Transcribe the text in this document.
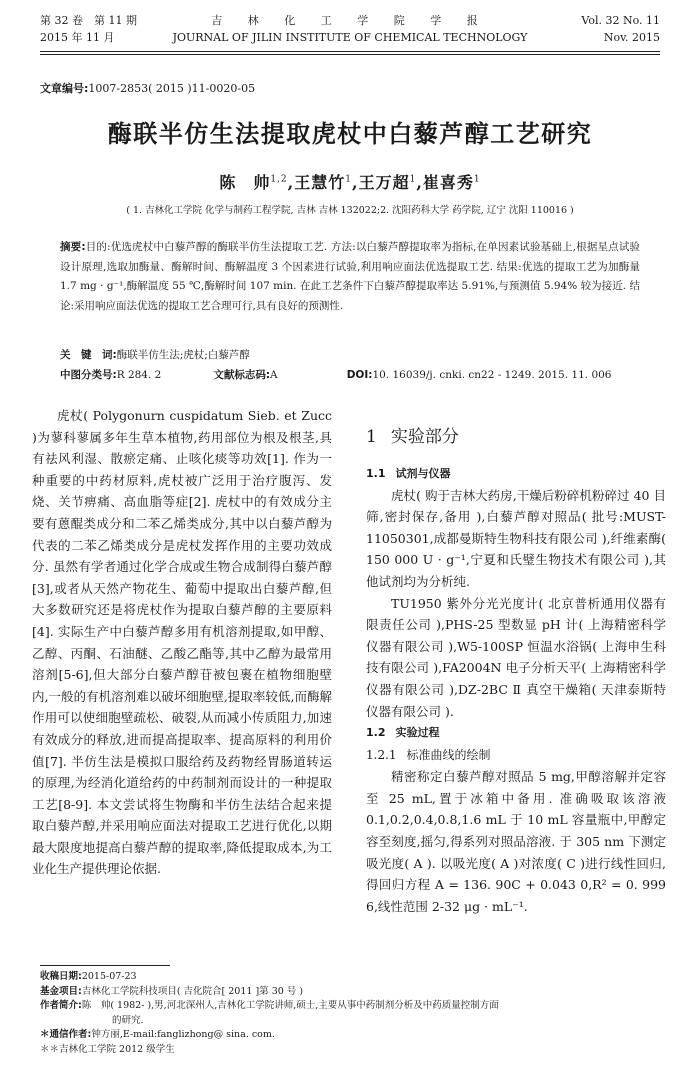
第 32 卷　第 11 期
2015 年 11 月
吉 林 化 工 学 院 学 报
JOURNAL OF JILIN INSTITUTE OF CHEMICAL TECHNOLOGY
Vol. 32 No. 11
Nov. 2015
文章编号:1007-2853( 2015 )11-0020-05
酶联半仿生法提取虎杖中白藜芦醇工艺研究
陈　帅$^{1,2}$,王慧竹$^1$,王万超$^1$,崔喜秀$^1$
( 1. 吉林化工学院 化学与制药工程学院, 吉林 吉林 132022;2. 沈阳药科大学 药学院, 辽宁 沈阳 110016 )
摘要:目的:优选虎杖中白藜芦醇的酶联半仿生法提取工艺. 方法:以白藜芦醇提取率为指标,在单因素试验基础上,根据星点试验设计原理,选取加酶量、酶解时间、酶解温度 3 个因素进行试验,利用响应面法优选提取工艺. 结果:优选的提取工艺为加酶量 1.7 mg · g⁻¹,酶解温度 55 ℃,酶解时间 107 min. 在此工艺条件下白藜芦醇提取率达 5.91%,与预测值 5.94% 较为接近. 结论:采用响应面法优选的提取工艺合理可行,具有良好的预测性.
关　键　词:酶联半仿生法;虎杖;白藜芦醇
中图分类号:R 284. 2	文献标志码:A	DOI:10. 16039/j. cnki. cn22 - 1249. 2015. 11. 006

虎杖( Polygonurn cuspidatum Sieb. et Zucc )为蓼科蓼属多年生草本植物,药用部位为根及根茎,具有祛风利湿、散瘀定痛、止咳化痰等功效[1]. 作为一种重要的中药材原料,虎杖被广泛用于治疗腹泻、发烧、关节痹痛、高血脂等症[2]. 虎杖中的有效成分主要有蒽醌类成分和二苯乙烯类成分,其中以白藜芦醇为代表的二苯乙烯类成分是虎杖发挥作用的主要功效成分. 虽然有学者通过化学合成或生物合成制得白藜芦醇[3],或者从天然产物花生、葡萄中提取出白藜芦醇,但大多数研究还是将虎杖作为提取白藜芦醇的主要原料[4]. 实际生产中白藜芦醇多用有机溶剂提取,如甲醇、乙醇、丙酮、石油醚、乙酸乙酯等,其中乙醇为最常用溶剂[5-6],但大部分白藜芦醇苷被包裹在植物细胞壁内,一般的有机溶剂难以破坏细胞壁,提取率较低,而酶解作用可以使细胞壁疏松、破裂,从而减小传质阻力,加速有效成分的释放,进而提高提取率、提高原料的利用价值[7]. 半仿生法是模拟口服给药及药物经胃肠道转运的原理,为经消化道给药的中药制剂而设计的一种提取工艺[8-9]. 本文尝试将生物酶和半仿生法结合起来提取白藜芦醇,并采用响应面法对提取工艺进行优化,以期最大限度地提高白藜芦醇的提取率,降低提取成本,为工业化生产提供理论依据.

1 实验部分
1.1 试剂与仪器

虎杖( 购于吉林大药房,干燥后粉碎机粉碎过 40 目筛,密封保存,备用 ),白藜芦醇对照品( 批号:MUST-11050301,成都曼斯特生物科技有限公司 ),纤维素酶( 150 000 U · g⁻¹,宁夏和氏璧生物技术有限公司 ),其他试剂均为分析纯.

TU1950 紫外分光光度计( 北京普析通用仪器有限责任公司 ),PHS-25 型数显 pH 计( 上海精密科学仪器有限公司 ),W5-100SP 恒温水浴锅( 上海申生科技有限公司 ),FA2004N 电子分析天平( 上海精密科学仪器有限公司 ),DZ-2BC Ⅱ 真空干燥箱( 天津泰斯特仪器有限公司 ).

1.2 实验过程
1.2.1 标准曲线的绘制

精密称定白藜芦醇对照品 5 mg,甲醇溶解并定容至 25 mL,置于冰箱中备用. 准确吸取该溶液 0.1,0.2,0.4,0.8,1.6 mL 于 10 mL 容量瓶中,甲醇定容至刻度,摇匀,得系列对照品溶液. 于 305 nm 下测定吸光度( A ). 以吸光度( A )对浓度( C )进行线性回归,得回归方程 A = 136. 90C + 0.043 0,R² = 0. 999 6,线性范围 2-32 μg · mL⁻¹.

收稿日期:2015-07-23
基金项目:吉林化工学院科技项目( 吉化院合[ 2011 ]第 30 号 )
作者简介:陈　帅( 1982- ),男,河北深州人,吉林化工学院讲师,硕士,主要从事中药制剂分析及中药质量控制方面
的研究.
＊通信作者:钟方丽,E-mail:fanglizhong@ sina. com.
＊＊吉林化工学院 2012 级学生
